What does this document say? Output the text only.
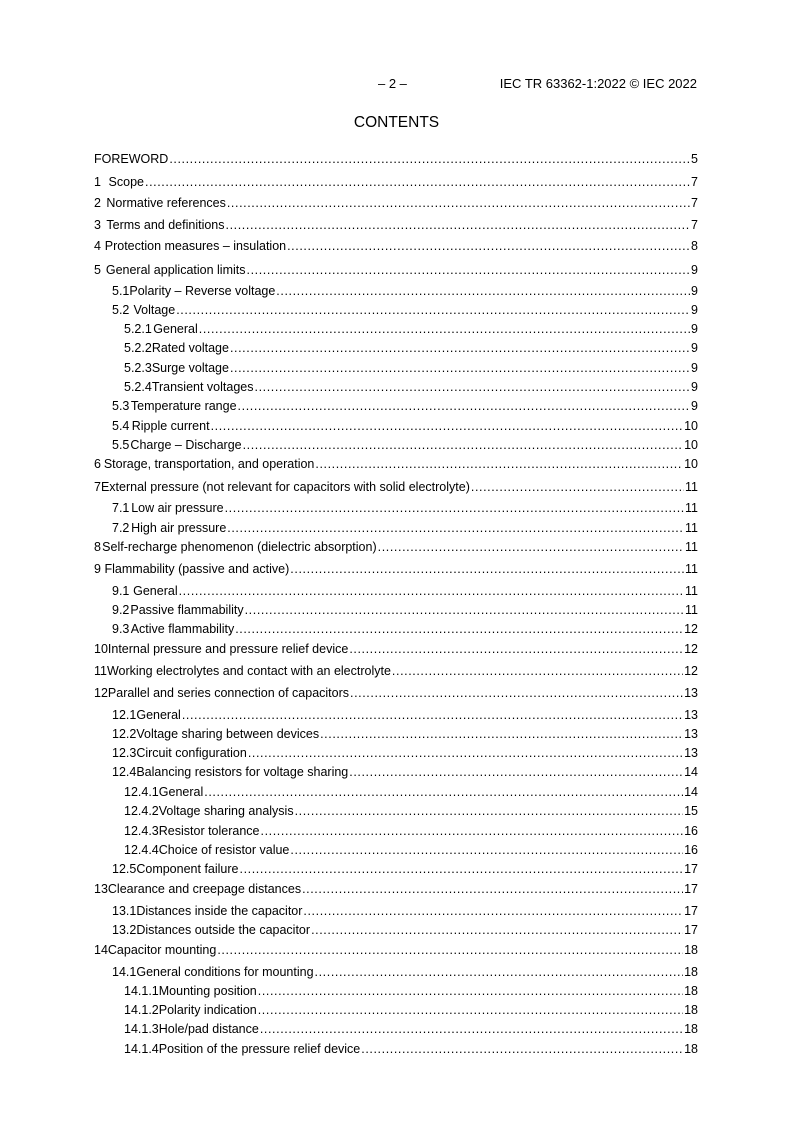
– 2 –	IEC TR 63362-1:2022 © IEC 2022
CONTENTS
FOREWORD .....	5
1 Scope .....	7
2 Normative references .....	7
3 Terms and definitions .....	7
4 Protection measures – insulation .....	8
5 General application limits .....	9
5.1 Polarity – Reverse voltage .....	9
5.2 Voltage .....	9
5.2.1 General .....	9
5.2.2 Rated voltage .....	9
5.2.3 Surge voltage .....	9
5.2.4 Transient voltages .....	9
5.3 Temperature range .....	9
5.4 Ripple current .....	10
5.5 Charge – Discharge .....	10
6 Storage, transportation, and operation .....	10
7 External pressure (not relevant for capacitors with solid electrolyte) .....	11
7.1 Low air pressure .....	11
7.2 High air pressure .....	11
8 Self-recharge phenomenon (dielectric absorption) .....	11
9 Flammability (passive and active) .....	11
9.1 General .....	11
9.2 Passive flammability .....	11
9.3 Active flammability .....	12
10 Internal pressure and pressure relief device .....	12
11 Working electrolytes and contact with an electrolyte .....	12
12 Parallel and series connection of capacitors .....	13
12.1 General .....	13
12.2 Voltage sharing between devices .....	13
12.3 Circuit configuration .....	13
12.4 Balancing resistors for voltage sharing .....	14
12.4.1 General .....	14
12.4.2 Voltage sharing analysis .....	15
12.4.3 Resistor tolerance .....	16
12.4.4 Choice of resistor value .....	16
12.5 Component failure .....	17
13 Clearance and creepage distances .....	17
13.1 Distances inside the capacitor .....	17
13.2 Distances outside the capacitor .....	17
14 Capacitor mounting .....	18
14.1 General conditions for mounting .....	18
14.1.1 Mounting position .....	18
14.1.2 Polarity indication .....	18
14.1.3 Hole/pad distance .....	18
14.1.4 Position of the pressure relief device .....	18
